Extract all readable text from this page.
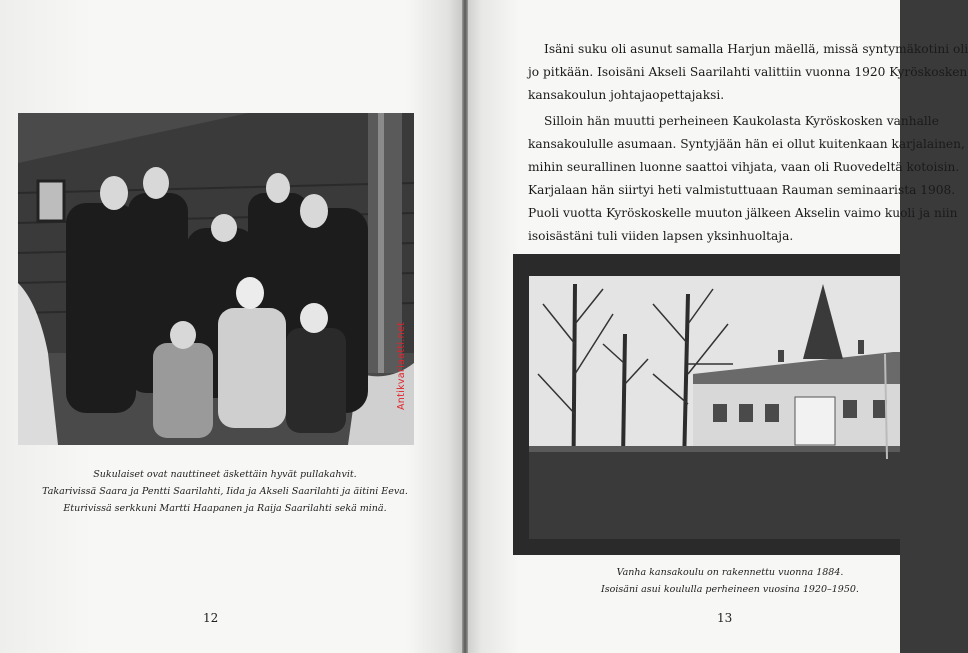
Antikvariaatti.net
Sukulaiset ovat nauttineet äskettäin hyvät pullakahvit.
Takarivissä Saara ja Pentti Saarilahti, Iida ja Akseli Saarilahti ja äitini Eeva.
Eturivissä serkkuni Martti Haapanen ja Raija Saarilahti sekä minä.
12
Isäni suku oli asunut samalla Harjun mäellä, missä syntymäkotini oli
jo pitkään. Isoisäni Akseli Saarilahti valittiin vuonna 1920 Kyröskosken
kansakoulun johtajaopettajaksi.
Silloin hän muutti perheineen Kaukolasta Kyröskosken vanhalle
kansakoululle asumaan. Syntyjään hän ei ollut kuitenkaan karjalainen,
mihin seurallinen luonne saattoi vihjata, vaan oli Ruovedeltä kotoisin.
Karjalaan hän siirtyi heti valmistuttuaan Rauman seminaarista 1908.
Puoli vuotta Kyröskoskelle muuton jälkeen Akselin vaimo kuoli ja niin
isoisästäni tuli viiden lapsen yksinhuoltaja.
Vanha kansakoulu on rakennettu vuonna 1884.
Isoisäni asui koululla perheineen vuosina 1920–1950.
13
